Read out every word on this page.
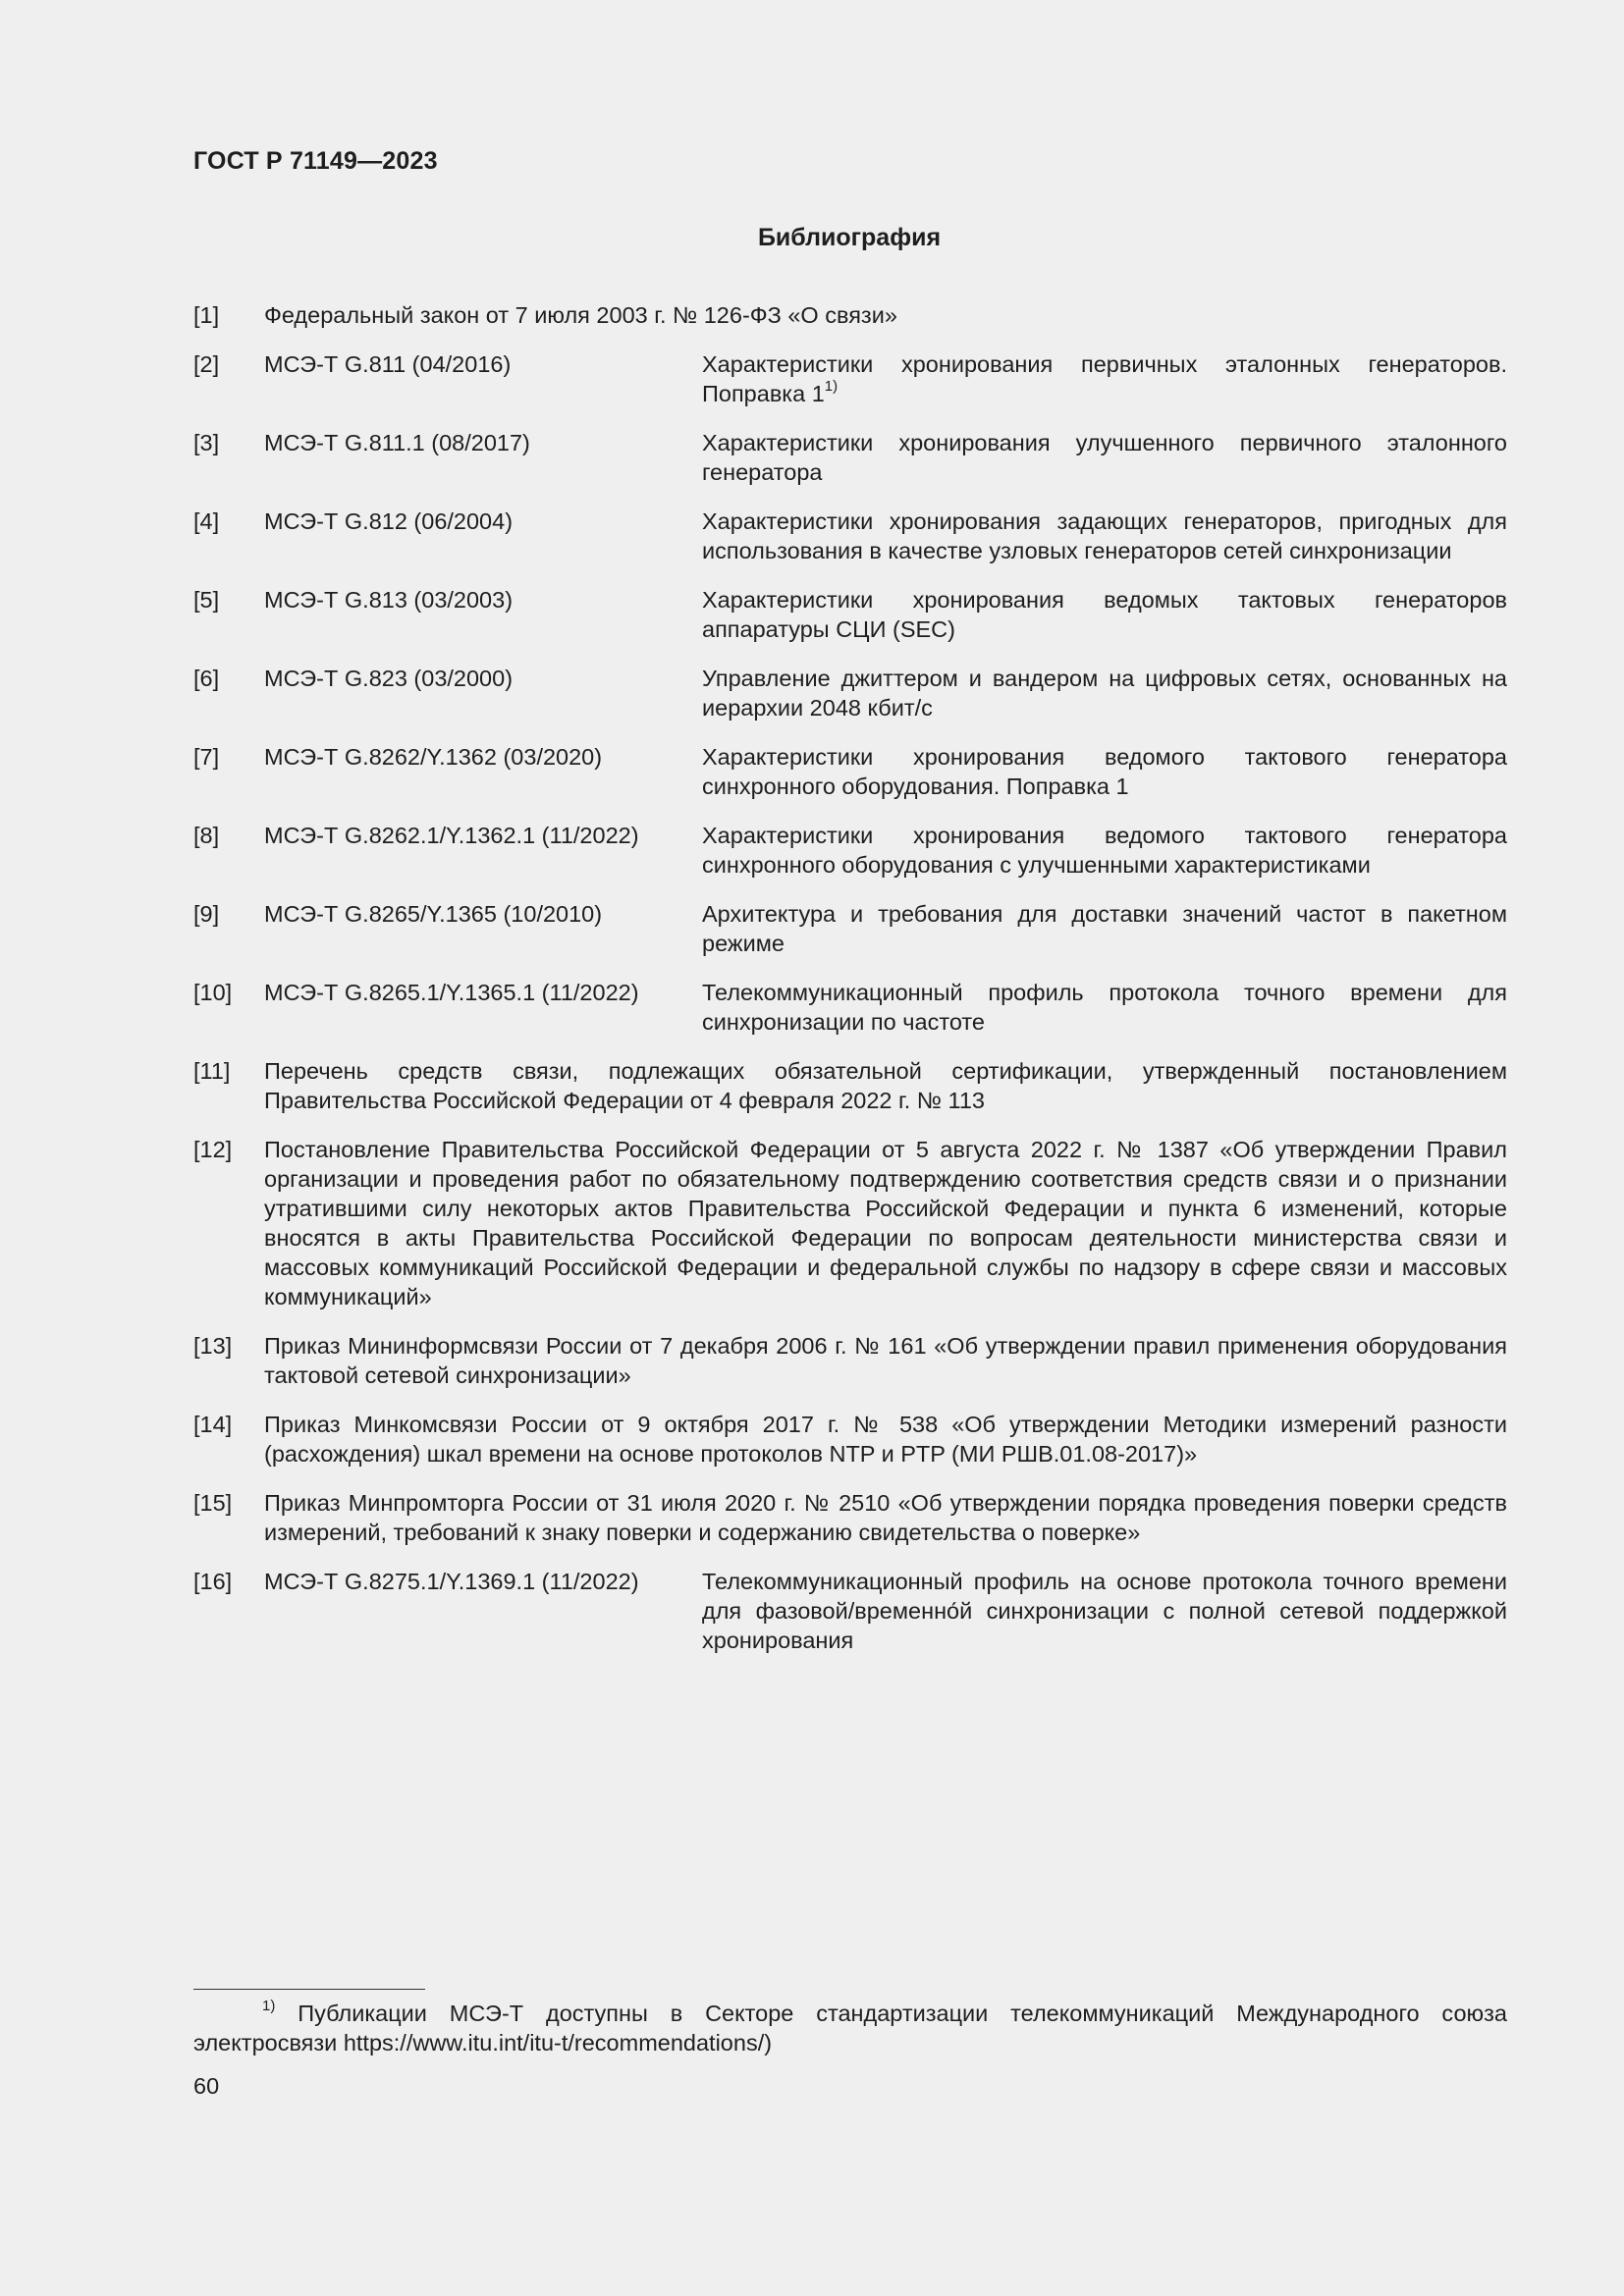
ГОСТ Р 71149—2023
Библиография
[1]	Федеральный закон от 7 июля 2003 г. № 126-ФЗ «О связи»
[2]	МСЭ-Т G.811 (04/2016)	Характеристики хронирования первичных эталонных генераторов. Поправка 1$^{1)}$
[3]	МСЭ-Т G.811.1 (08/2017)	Характеристики хронирования улучшенного первичного эталонного генератора
[4]	МСЭ-Т G.812 (06/2004)	Характеристики хронирования задающих генераторов, пригодных для использования в качестве узловых генераторов сетей синхронизации
[5]	МСЭ-Т G.813 (03/2003)	Характеристики хронирования ведомых тактовых генераторов аппаратуры СЦИ (SEC)
[6]	МСЭ-Т G.823 (03/2000)	Управление джиттером и вандером на цифровых сетях, основанных на иерархии 2048 кбит/с
[7]	МСЭ-Т G.8262/Y.1362 (03/2020)	Характеристики хронирования ведомого тактового генератора синхронного оборудования. Поправка 1
[8]	МСЭ-Т G.8262.1/Y.1362.1 (11/2022)	Характеристики хронирования ведомого тактового генератора синхронного оборудования с улучшенными характеристиками
[9]	МСЭ-Т G.8265/Y.1365 (10/2010)	Архитектура и требования для доставки значений частот в пакетном режиме
[10]	МСЭ-Т G.8265.1/Y.1365.1 (11/2022)	Телекоммуникационный профиль протокола точного времени для синхронизации по частоте
[11]	Перечень средств связи, подлежащих обязательной сертификации, утвержденный постановлением Правительства Российской Федерации от 4 февраля 2022 г. № 113
[12]	Постановление Правительства Российской Федерации от 5 августа 2022 г. № 1387 «Об утверждении Правил организации и проведения работ по обязательному подтверждению соответствия средств связи и о признании утратившими силу некоторых актов Правительства Российской Федерации и пункта 6 изменений, которые вносятся в акты Правительства Российской Федерации по вопросам деятельности министерства связи и массовых коммуникаций Российской Федерации и федеральной службы по надзору в сфере связи и массовых коммуникаций»
[13]	Приказ Мининформсвязи России от 7 декабря 2006 г. № 161 «Об утверждении правил применения оборудования тактовой сетевой синхронизации»
[14]	Приказ Минкомсвязи России от 9 октября 2017 г. № 538 «Об утверждении Методики измерений разности (расхождения) шкал времени на основе протоколов NTP и PTP (МИ РШВ.01.08-2017)»
[15]	Приказ Минпромторга России от 31 июля 2020 г. № 2510 «Об утверждении порядка проведения поверки средств измерений, требований к знаку поверки и содержанию свидетельства о поверке»
[16]	МСЭ-Т G.8275.1/Y.1369.1 (11/2022)	Телекоммуникационный профиль на основе протокола точного времени для фазовой/временно́й синхронизации с полной сетевой поддержкой хронирования
$^{1)}$ Публикации МСЭ-Т доступны в Секторе стандартизации телекоммуникаций Международного союза электросвязи https://www.itu.int/itu-t/recommendations/)
60
